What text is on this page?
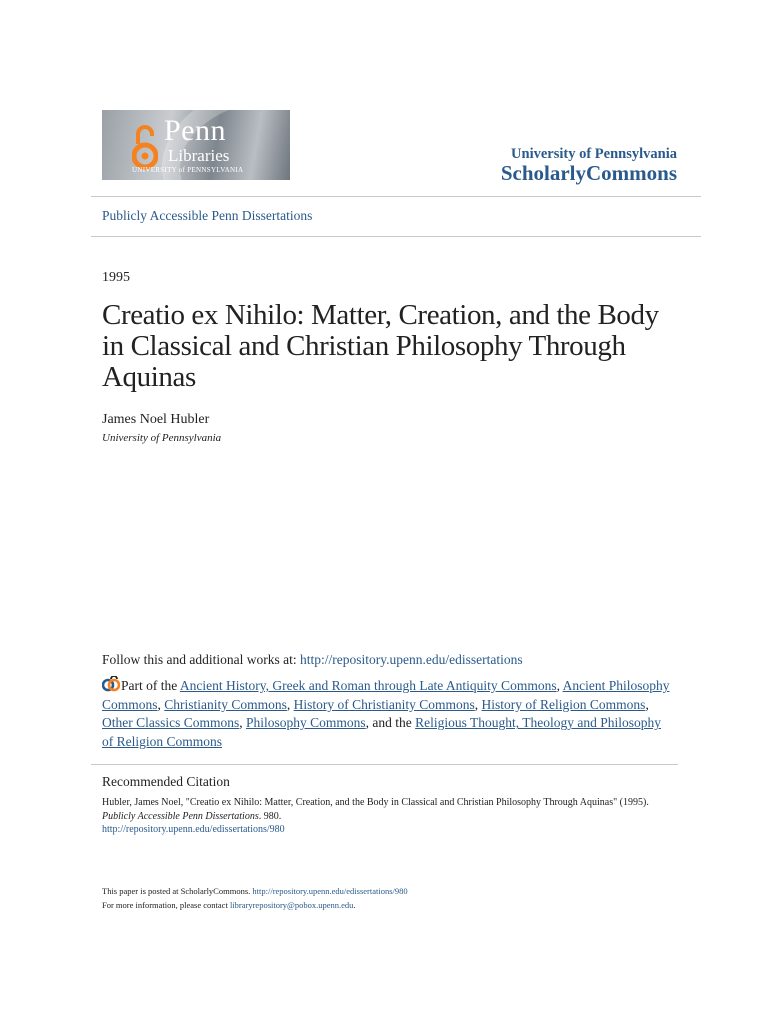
Penn
Libraries
UNIVERSITY of PENNSYLVANIA
University of Pennsylvania
ScholarlyCommons
Publicly Accessible Penn Dissertations
1995
Creatio ex Nihilo: Matter, Creation, and the Body in Classical and Christian Philosophy Through Aquinas
James Noel Hubler
University of Pennsylvania
Follow this and additional works at: http://repository.upenn.edu/edissertations
Part of the Ancient History, Greek and Roman through Late Antiquity Commons, Ancient Philosophy Commons, Christianity Commons, History of Christianity Commons, History of Religion Commons, Other Classics Commons, Philosophy Commons, and the Religious Thought, Theology and Philosophy of Religion Commons
Recommended Citation
Hubler, James Noel, "Creatio ex Nihilo: Matter, Creation, and the Body in Classical and Christian Philosophy Through Aquinas" (1995). Publicly Accessible Penn Dissertations. 980.
http://repository.upenn.edu/edissertations/980
This paper is posted at ScholarlyCommons. http://repository.upenn.edu/edissertations/980
For more information, please contact libraryrepository@pobox.upenn.edu.
